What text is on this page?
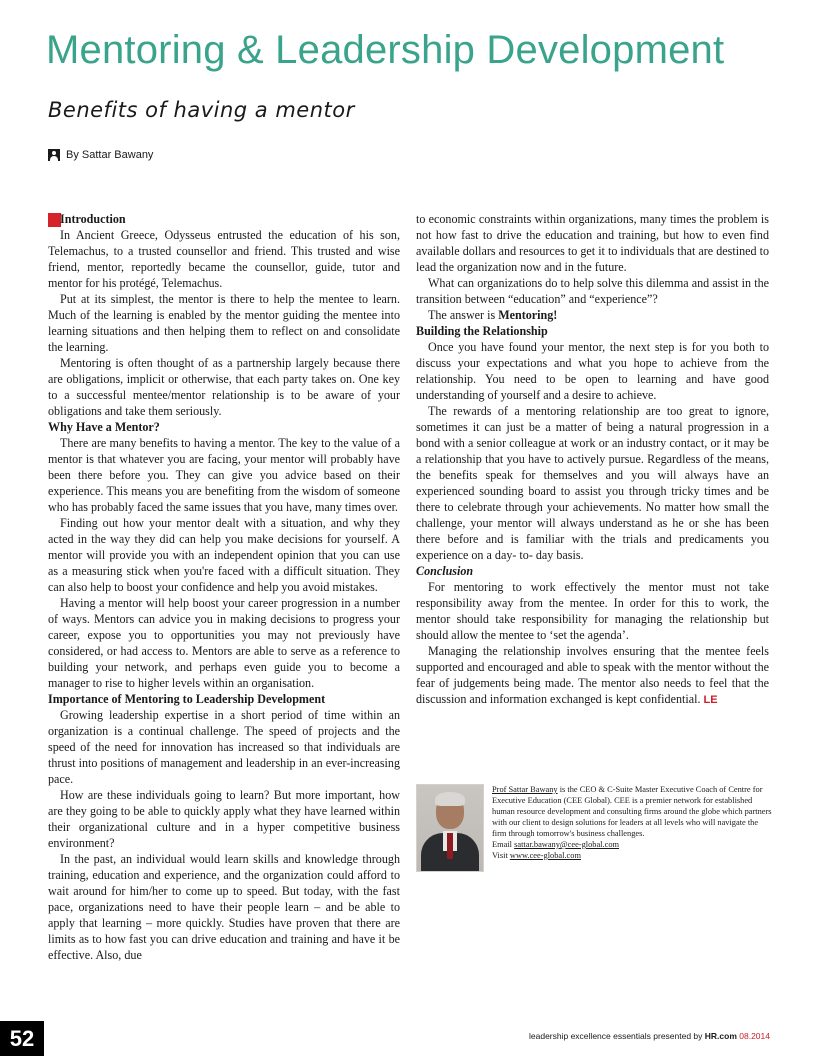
Mentoring & Leadership Development
Benefits of having a mentor
By Sattar Bawany
I ntroduction

In Ancient Greece, Odysseus entrusted the education of his son, Telemachus, to a trusted counsellor and friend. This trusted and wise friend, mentor, reportedly became the counsellor, guide, tutor and mentor for his protégé, Telemachus.

Put at its simplest, the mentor is there to help the mentee to learn. Much of the learning is enabled by the mentor guiding the mentee into learning situations and then helping them to reflect on and consolidate the learning.

Mentoring is often thought of as a partnership largely because there are obligations, implicit or otherwise, that each party takes on. One key to a successful mentee/mentor relationship is to be aware of your obligations and take them seriously.

Why Have a Mentor?

There are many benefits to having a mentor. The key to the value of a mentor is that whatever you are facing, your mentor will probably have been there before you. They can give you advice based on their experience. This means you are benefiting from the wisdom of someone who has probably faced the same issues that you have, many times over.

Finding out how your mentor dealt with a situation, and why they acted in the way they did can help you make decisions for yourself. A mentor will provide you with an independent opinion that you can use as a measuring stick when you're faced with a difficult situation. They can also help to boost your confidence and help you avoid mistakes.

Having a mentor will help boost your career progression in a number of ways. Mentors can advice you in making decisions to progress your career, expose you to opportunities you may not previously have considered, or had access to. Mentors are able to serve as a reference to building your network, and perhaps even guide you to become a manager to rise to higher levels within an organisation.

Importance of Mentoring to Leadership Development

Growing leadership expertise in a short period of time within an organization is a continual challenge. The speed of projects and the speed of the need for innovation has increased so that individuals are thrust into positions of management and leadership in an ever-increasing pace.

How are these individuals going to learn? But more important, how are they going to be able to quickly apply what they have learned within their organizational culture and in a hyper competitive business environment?

In the past, an individual would learn skills and knowledge through training, education and experience, and the organization could afford to wait around for him/her to come up to speed. But today, with the fast pace, organizations need to have their people learn – and be able to apply that learning – more quickly. Studies have proven that there are limits as to how fast you can drive education and training and have it be effective. Also, due

to economic constraints within organizations, many times the problem is not how fast to drive the education and training, but how to even find available dollars and resources to get it to individuals that are destined to lead the organization now and in the future.

What can organizations do to help solve this dilemma and assist in the transition between “education” and “experience”?

The answer is Mentoring!

Building the Relationship

Once you have found your mentor, the next step is for you both to discuss your expectations and what you hope to achieve from the relationship. You need to be open to learning and have good understanding of yourself and a desire to achieve.

The rewards of a mentoring relationship are too great to ignore, sometimes it can just be a matter of being a natural progression in a bond with a senior colleague at work or an industry contact, or it may be a relationship that you have to actively pursue. Regardless of the means, the benefits speak for themselves and you will always have an experienced sounding board to assist you through tricky times and be there to celebrate through your achievements. No matter how small the challenge, your mentor will always understand as he or she has been there before and is familiar with the trials and predicaments you experience on a day- to- day basis.

Conclusion

For mentoring to work effectively the mentor must not take responsibility away from the mentee. In order for this to work, the mentor should take responsibility for managing the relationship but should allow the mentee to ‘set the agenda’.

Managing the relationship involves ensuring that the mentee feels supported and encouraged and able to speak with the mentor without the fear of judgements being made. The mentor also needs to feel that the discussion and information exchanged is kept confidential. LE

Prof Sattar Bawany is the CEO & C-Suite Master Executive Coach of Centre for Executive Education (CEE Global). CEE is a premier network for established human resource development and consulting firms around the globe which partners with our client to design solutions for leaders at all levels who will navigate the firm through tomorrow's business challenges.

Email sattar.bawany@cee-global.com

Visit www.cee-global.com

52	leadership excellence essentials presented by HR.com 08.2014
